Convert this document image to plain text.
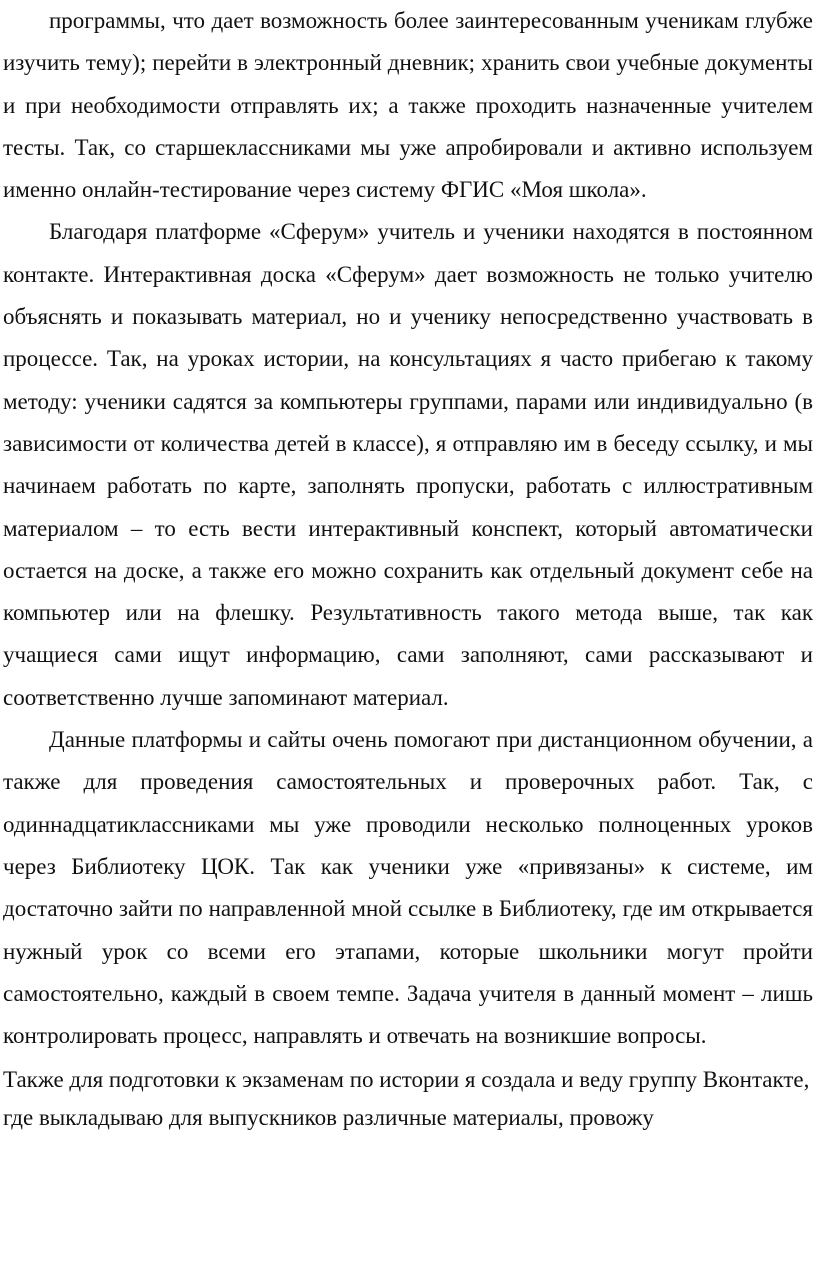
программы, что дает возможность более заинтересованным ученикам глубже изучить тему); перейти в электронный дневник; хранить свои учебные документы и при необходимости отправлять их; а также проходить назначенные учителем тесты. Так, со старшеклассниками мы уже апробировали и активно используем именно онлайн-тестирование через систему ФГИС «Моя школа».

Благодаря платформе «Сферум» учитель и ученики находятся в постоянном контакте. Интерактивная доска «Сферум» дает возможность не только учителю объяснять и показывать материал, но и ученику непосредственно участвовать в процессе. Так, на уроках истории, на консультациях я часто прибегаю к такому методу: ученики садятся за компьютеры группами, парами или индивидуально (в зависимости от количества детей в классе), я отправляю им в беседу ссылку, и мы начинаем работать по карте, заполнять пропуски, работать с иллюстративным материалом – то есть вести интерактивный конспект, который автоматически остается на доске, а также его можно сохранить как отдельный документ себе на компьютер или на флешку. Результативность такого метода выше, так как учащиеся сами ищут информацию, сами заполняют, сами рассказывают и соответственно лучше запоминают материал.

Данные платформы и сайты очень помогают при дистанционном обучении, а также для проведения самостоятельных и проверочных работ. Так, с одиннадцатиклассниками мы уже проводили несколько полноценных уроков через Библиотеку ЦОК. Так как ученики уже «привязаны» к системе, им достаточно зайти по направленной мной ссылке в Библиотеку, где им открывается нужный урок со всеми его этапами, которые школьники могут пройти самостоятельно, каждый в своем темпе. Задача учителя в данный момент – лишь контролировать процесс, направлять и отвечать на возникшие вопросы.

Также для подготовки к экзаменам по истории я создала и веду группу Вконтакте, где выкладываю для выпускников различные материалы, провожу
